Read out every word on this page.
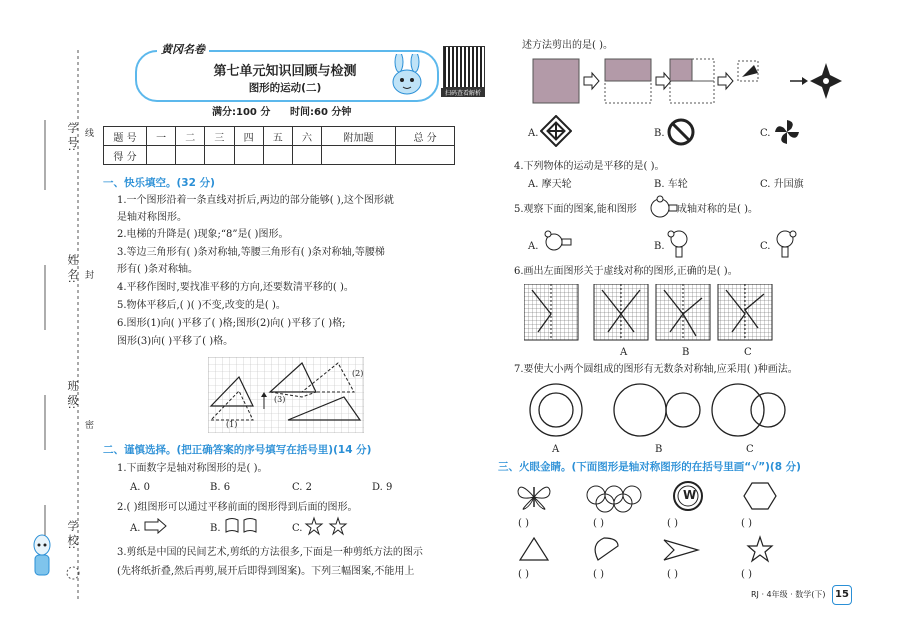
学 号:
姓 名:
班 级:
学 校:
线
封
密
黄冈名卷
第七单元知识回顾与检测
图形的运动(二)	扫码查看解析
满分:100 分 时间:60 分钟
题 号	一	二	三	四	五	六	附加题	总 分
得 分								
一、快乐填空。(32 分)
1.一个图形沿着一条直线对折后,两边的部分能够( ),这个图形就
是轴对称图形。
2.电梯的升降是( )现象;“8”是( )图形。
3.等边三角形有( )条对称轴,等腰三角形有( )条对称轴,等腰梯
形有( )条对称轴。
4.平移作图时,要找准平移的方向,还要数清平移的( )。
5.物体平移后,( )( )不变,改变的是( )。
6.图形(1)向( )平移了( )格;图形(2)向( )平移了( )格;
图形(3)向( )平移了( )格。
(1)
(2)
(3)
二、谨慎选择。(把正确答案的序号填写在括号里)(14 分)
1.下面数字是轴对称图形的是( )。
A. 0	B. 6	C. 2	D. 9
2.( )组图形可以通过平移前面的图形得到后面的图形。
A.	B.	C.
3.剪纸是中国的民间艺术,剪纸的方法很多,下面是一种剪纸方法的图示
(先将纸折叠,然后再剪,展开后即得到图案)。下列三幅图案,不能用上
述方法剪出的是( )。
A.	B.	C.
4.下列物体的运动是平移的是( )。
A. 摩天轮	B. 车轮	C. 升国旗
5.观察下面的图案,能和图形	成轴对称的是( )。
A.	B.	C.
6.画出左面图形关于虚线对称的图形,正确的是( )。
A	B	C
7.要使大小两个圆组成的图形有无数条对称轴,应采用( )种画法。
A	B	C
三、火眼金睛。(下面图形是轴对称图形的在括号里画“√”)(8 分)
W
( )	( )	( )	( )
( )	( )	( )	( )
RJ · 4年级 · 数学(下) 15
